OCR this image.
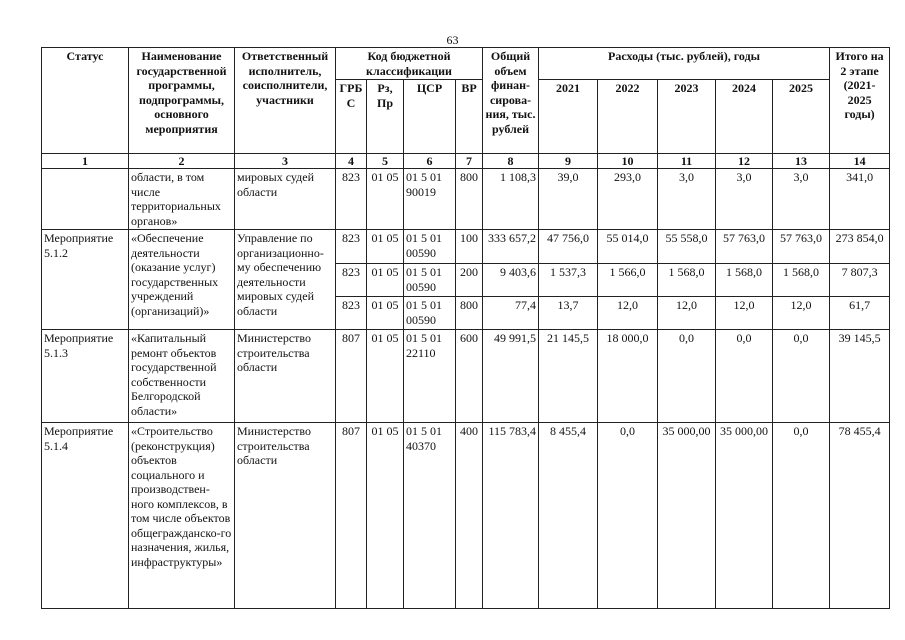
63
Статус	Наименование государственной программы, подпрограммы, основного мероприятия	Ответственный исполнитель, соисполнители, участники	Код бюджетной классификации				Общий объем финан-сирова-ния, тыс. рублей	Расходы (тыс. рублей), годы					Итого на 2 этапе (2021-2025 годы)
			ГРБ С	Рз, Пр	ЦСР	ВР		2021	2022	2023	2024	2025	
1	2	3	4	5	6	7	8	9	10	11	12	13	14
	области, в том числе территориальных органов»	мировых судей области	823	01 05	01 5 01 90019	800	1 108,3	39,0	293,0	3,0	3,0	3,0	341,0
Мероприятие 5.1.2	«Обеспечение деятельности (оказание услуг) государственных учреждений (организаций)»	Управление по организационно-му обеспечению деятельности мировых судей области	823	01 05	01 5 01 00590	100	333 657,2	47 756,0	55 014,0	55 558,0	57 763,0	57 763,0	273 854,0
			823	01 05	01 5 01 00590	200	9 403,6	1 537,3	1 566,0	1 568,0	1 568,0	1 568,0	7 807,3
			823	01 05	01 5 01 00590	800	77,4	13,7	12,0	12,0	12,0	12,0	61,7
Мероприятие 5.1.3	«Капитальный ремонт объектов государственной собственности Белгородской области»	Министерство строительства области	807	01 05	01 5 01 22110	600	49 991,5	21 145,5	18 000,0	0,0	0,0	0,0	39 145,5
Мероприятие 5.1.4	«Строительство (реконструкция) объектов социального и производствен-ного комплексов, в том числе объектов общегражданско-го назначения, жилья, инфраструктуры»	Министерство строительства области	807	01 05	01 5 01 40370	400	115 783,4	8 455,4	0,0	35 000,00	35 000,00	0,0	78 455,4
